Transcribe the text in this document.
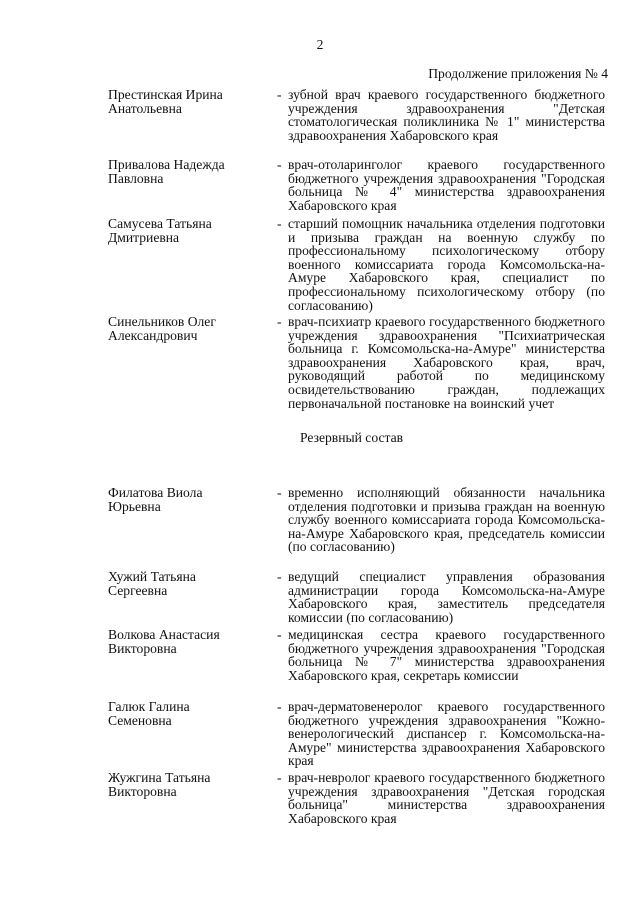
2
Продолжение приложения № 4
Престинская Ирина
Анатольевна
- зубной врач краевого государственного бюджетного учреждения здравоохранения "Детская стоматологическая поликлиника № 1" министерства здравоохранения Хабаровского края
Привалова Надежда
Павловна
- врач-отоларинголог краевого государственного бюджетного учреждения здравоохранения "Городская больница № 4" министерства здравоохранения Хабаровского края
Самусева Татьяна
Дмитриевна
- старший помощник начальника отделения подготовки и призыва граждан на военную службу по профессиональному психологическому отбору военного комиссариата города Комсомольска-на-Амуре Хабаровского края, специалист по профессиональному психологическому отбору (по согласованию)
Синельников Олег
Александрович
- врач-психиатр краевого государственного бюджетного учреждения здравоохранения "Психиатрическая больница г. Комсомольска-на-Амуре" министерства здравоохранения Хабаровского края, врач, руководящий работой по медицинскому освидетельствованию граждан, подлежащих первоначальной постановке на воинский учет
Резервный состав
Филатова Виола
Юрьевна
- временно исполняющий обязанности начальника отделения подготовки и призыва граждан на военную службу военного комиссариата города Комсомольска-на-Амуре Хабаровского края, председатель комиссии (по согласованию)
Хужий Татьяна
Сергеевна
- ведущий специалист управления образования администрации города Комсомольска-на-Амуре Хабаровского края, заместитель председателя комиссии (по согласованию)
Волкова Анастасия
Викторовна
- медицинская сестра краевого государственного бюджетного учреждения здравоохранения "Городская больница № 7" министерства здравоохранения Хабаровского края, секретарь комиссии
Галюк Галина
Семеновна
- врач-дерматовенеролог краевого государственного бюджетного учреждения здравоохранения "Кожно-венерологический диспансер г. Комсомольска-на-Амуре" министерства здравоохранения Хабаровского края
Жужгина Татьяна
Викторовна
- врач-невролог краевого государственного бюджетного учреждения здравоохранения "Детская городская больница" министерства здравоохранения Хабаровского края
